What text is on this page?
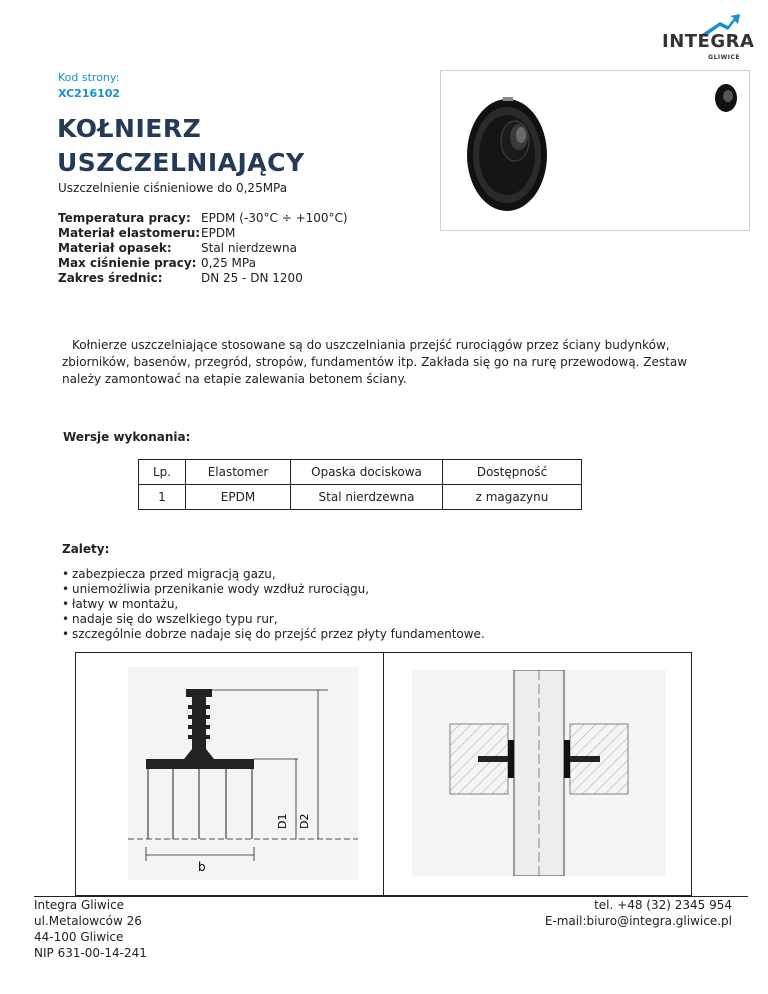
INTEGRA
GLIWICE
Kod strony:
XC216102
KOŁNIERZ USZCZELNIAJĄCY
Uszczelnienie ciśnieniowe do 0,25MPa
Temperatura pracy: EPDM (-30°C ÷ +100°C)
Materiał elastomeru: EPDM
Materiał opasek:	Stal nierdzewna
Max ciśnienie pracy: 0,25 MPa
Zakres średnic:	DN 25 - DN 1200

Kołnierze uszczelniające stosowane są do uszczelniania przejść rurociągów przez ściany budynków, zbiorników, basenów, przegród, stropów, fundamentów itp. Zakłada się go na rurę przewodową. Zestaw należy zamontować na etapie zalewania betonem ściany.

Wersje wykonania:
Lp.	Elastomer	Opaska dociskowa	Dostępność
1	EPDM	Stal nierdzewna	z magazynu
Zalety:
• zabezpiecza przed migracją gazu,
• uniemożliwia przenikanie wody wzdłuż rurociągu,
• łatwy w montażu,
• nadaje się do wszelkiego typu rur,
• szczególnie dobrze nadaje się do przejść przez płyty fundamentowe.
D1 D2
b
Integra Gliwice
ul.Metalowców 26
44-100 Gliwice
NIP 631-00-14-241
tel. +48 (32) 2345 954
E-mail:biuro@integra.gliwice.pl
